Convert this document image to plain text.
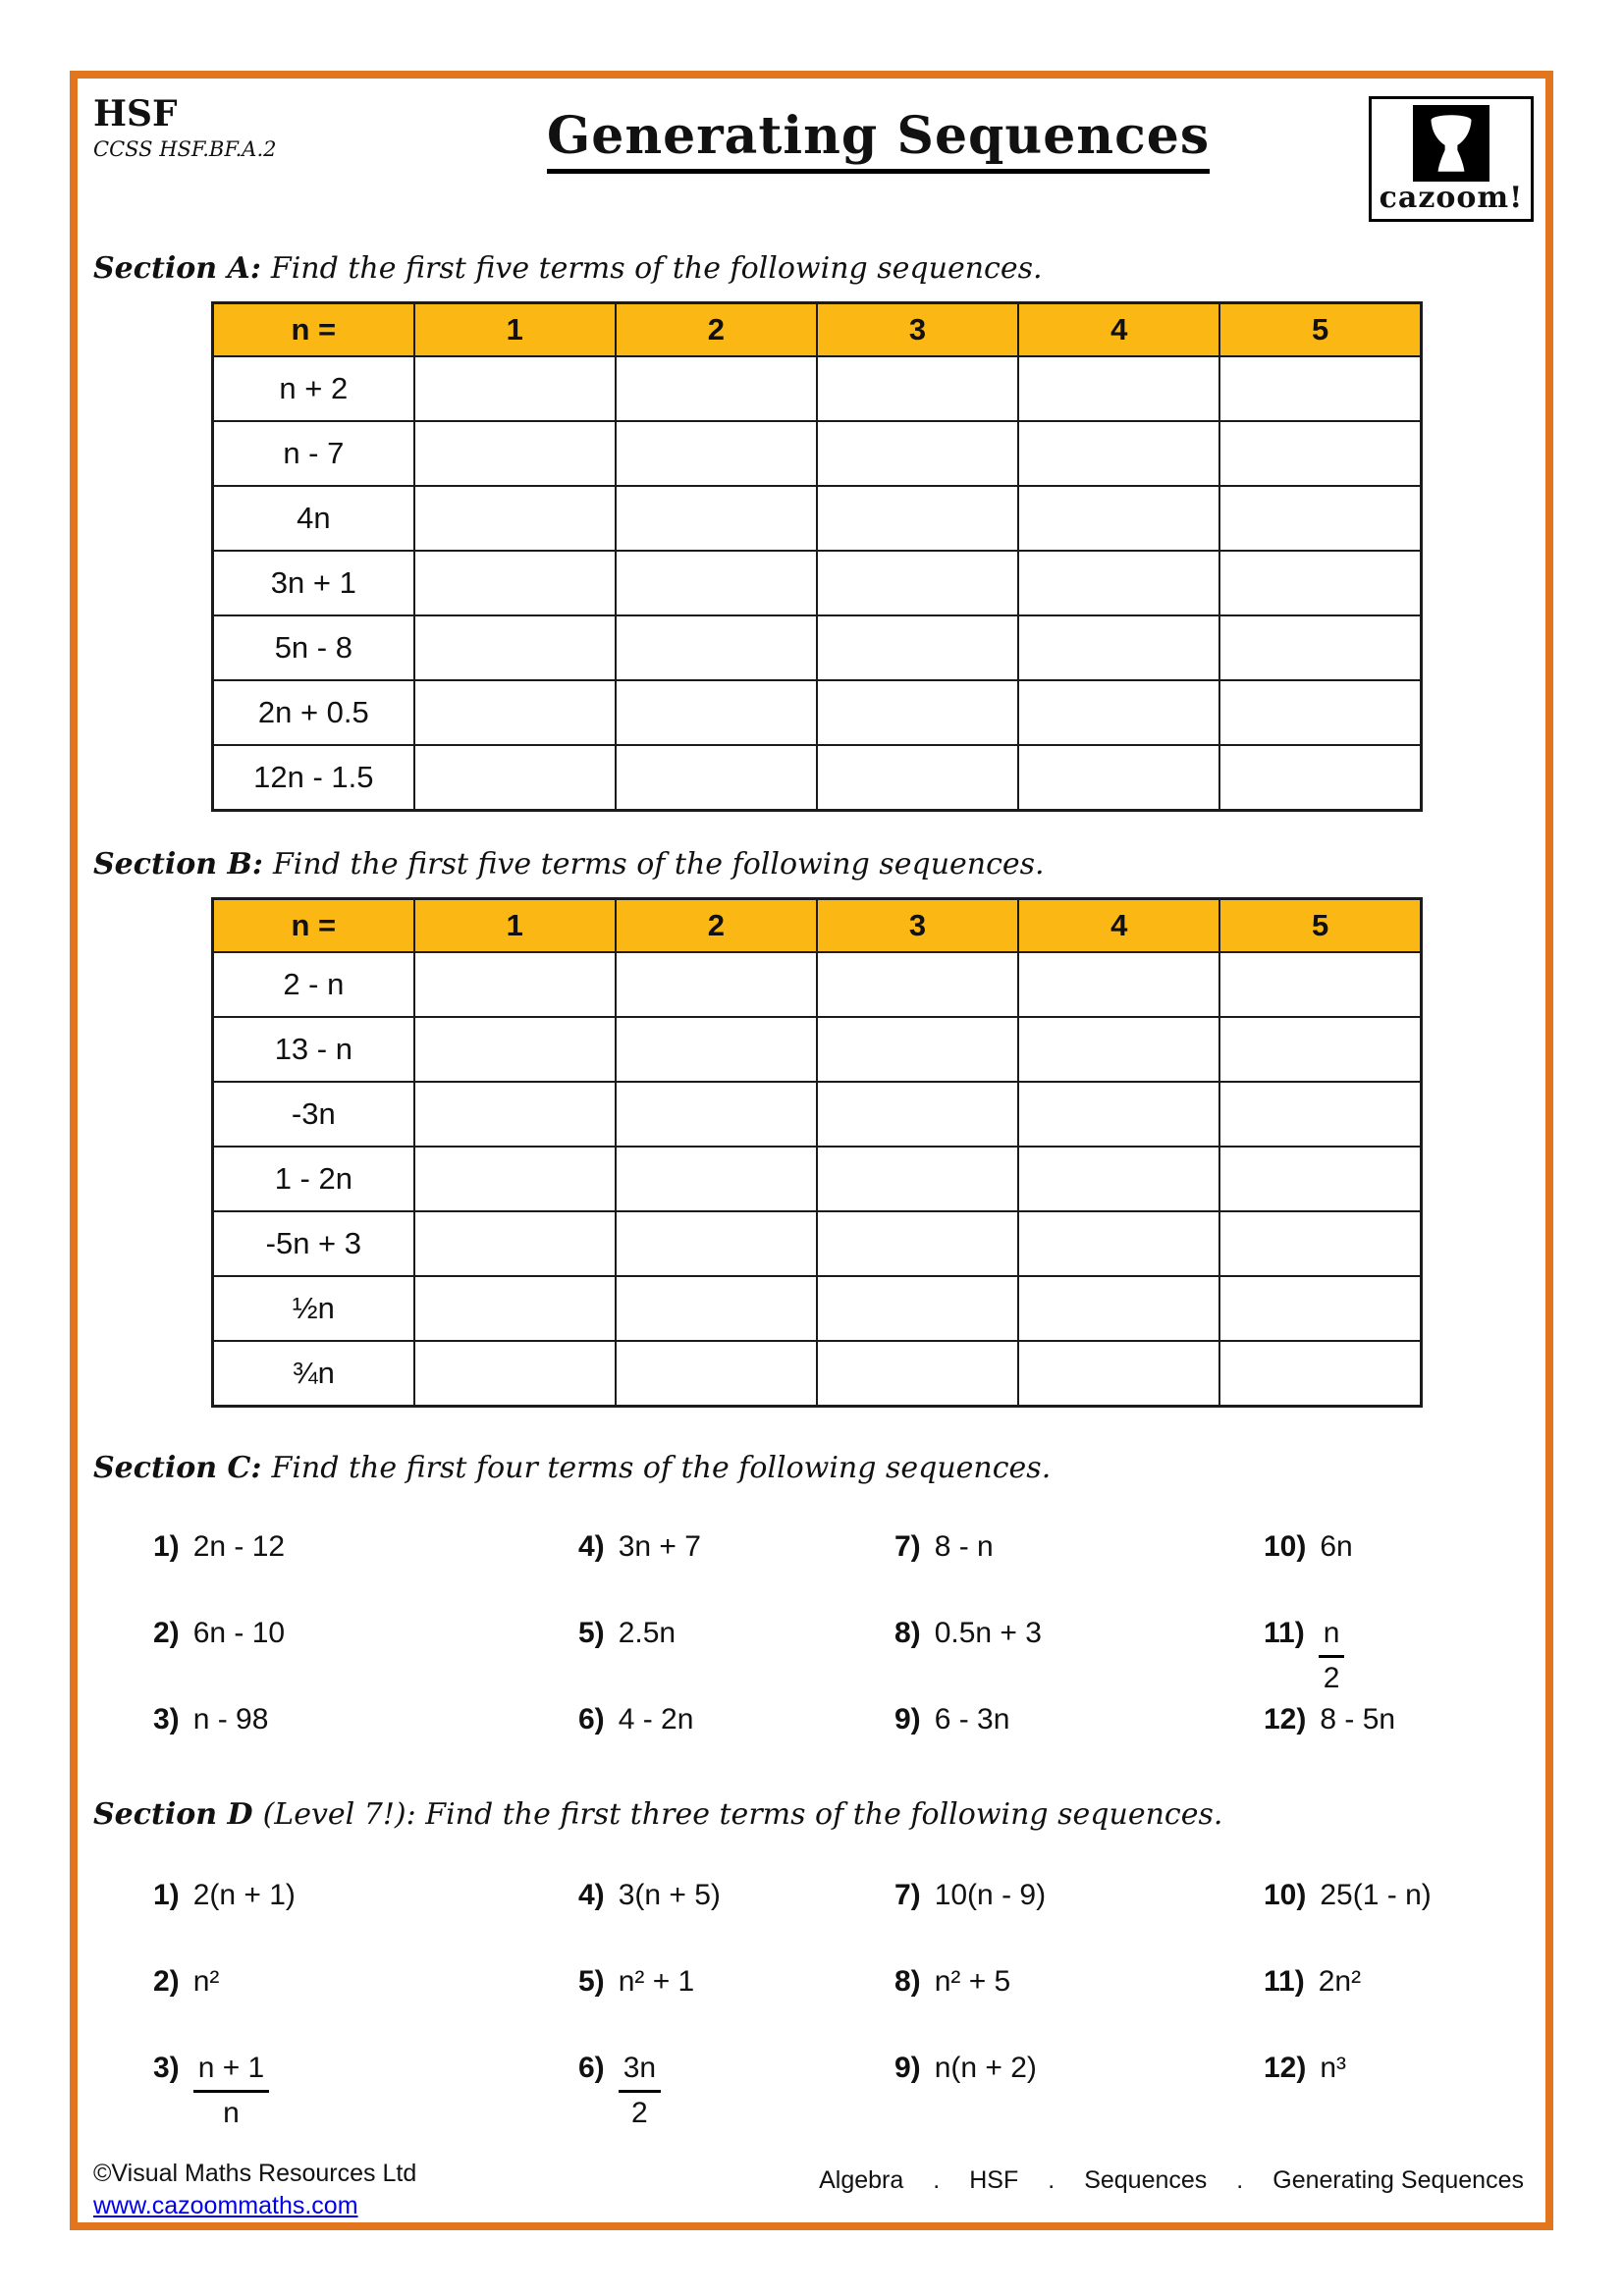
HSF
CCSS HSF.BF.A.2	Generating Sequences
cazoom!
Section A: Find the first five terms of the following sequences.
n =	1	2	3	4	5
n + 2					
n - 7					
4n					
3n + 1					
5n - 8					
2n + 0.5					
12n - 1.5					
Section B: Find the first five terms of the following sequences.
n =	1	2	3	4	5
2 - n					
13 - n					
-3n					
1 - 2n					
-5n + 3					
½n					
¾n					
Section C: Find the first four terms of the following sequences.
1) 2n - 12	4) 3n + 7	7) 8 - n	10) 6n
2) 6n - 10	5) 2.5n	8) 0.5n + 3	$11) \frac{n}{2}$
3) n - 98	6) 4 - 2n	9) 6 - 3n	12) 8 - 5n
Section D (Level 7!): Find the first three terms of the following sequences.
1) 2(n + 1)	4) 3(n + 5)	7) 10(n - 9)	10) 25(1 - n)
2) n²	5) n² + 1	8) n² + 5	11) 2n²
$3) \frac{n + 1}{n}$	$6) \frac{3n}{2}$	9) n(n + 2)	12) n³
©Visual Maths Resources Ltd
www.cazoommaths.com
Algebra . HSF . Sequences . Generating Sequences
